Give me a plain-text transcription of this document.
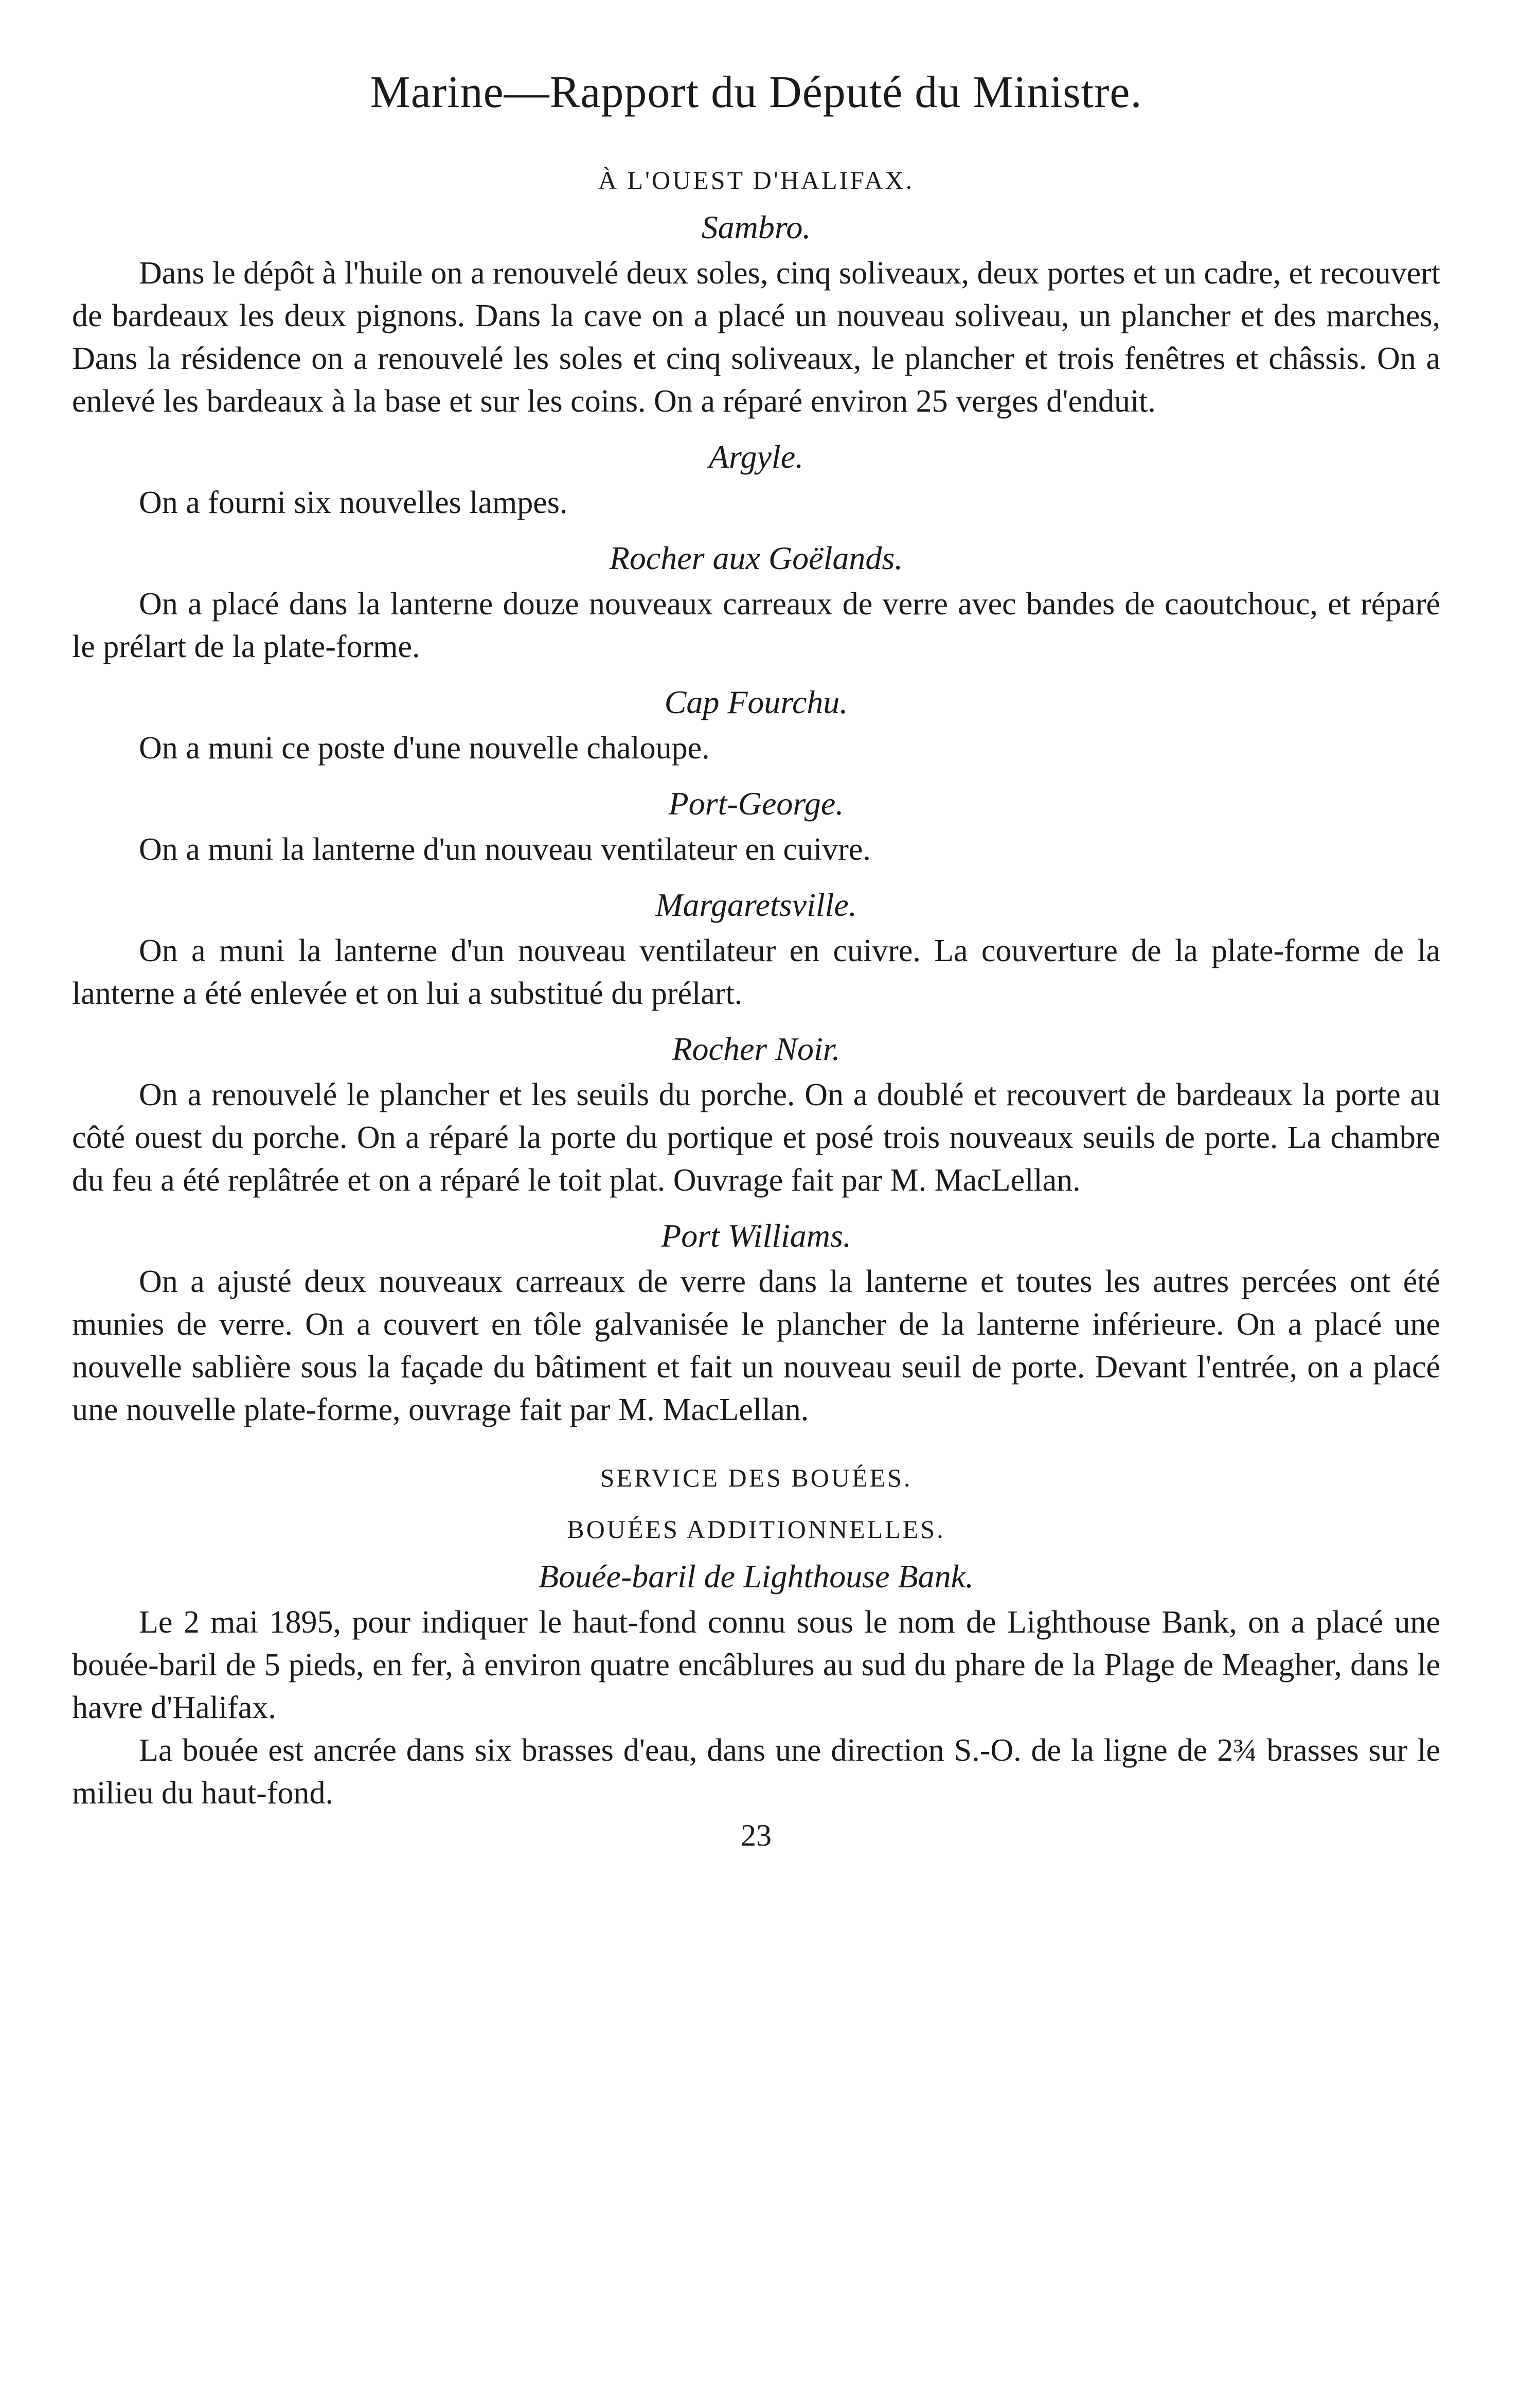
Marine—Rapport du Député du Ministre.
À L'OUEST D'HALIFAX.
Sambro.

Dans le dépôt à l'huile on a renouvelé deux soles, cinq soliveaux, deux portes et un cadre, et recouvert de bardeaux les deux pignons. Dans la cave on a placé un nouveau soliveau, un plancher et des marches, Dans la résidence on a renouvelé les soles et cinq soliveaux, le plancher et trois fenêtres et châssis. On a enlevé les bardeaux à la base et sur les coins. On a réparé environ 25 verges d'enduit.

Argyle.

On a fourni six nouvelles lampes.

Rocher aux Goëlands.

On a placé dans la lanterne douze nouveaux carreaux de verre avec bandes de caoutchouc, et réparé le prélart de la plate-forme.

Cap Fourchu.

On a muni ce poste d'une nouvelle chaloupe.

Port-George.

On a muni la lanterne d'un nouveau ventilateur en cuivre.

Margaretsville.

On a muni la lanterne d'un nouveau ventilateur en cuivre. La couverture de la plate-forme de la lanterne a été enlevée et on lui a substitué du prélart.

Rocher Noir.

On a renouvelé le plancher et les seuils du porche. On a doublé et recouvert de bardeaux la porte au côté ouest du porche. On a réparé la porte du portique et posé trois nouveaux seuils de porte. La chambre du feu a été replâtrée et on a réparé le toit plat. Ouvrage fait par M. MacLellan.

Port Williams.

On a ajusté deux nouveaux carreaux de verre dans la lanterne et toutes les autres percées ont été munies de verre. On a couvert en tôle galvanisée le plancher de la lanterne inférieure. On a placé une nouvelle sablière sous la façade du bâtiment et fait un nouveau seuil de porte. Devant l'entrée, on a placé une nouvelle plate-forme, ouvrage fait par M. MacLellan.

SERVICE DES BOUÉES.
BOUÉES ADDITIONNELLES.
Bouée-baril de Lighthouse Bank.

Le 2 mai 1895, pour indiquer le haut-fond connu sous le nom de Lighthouse Bank, on a placé une bouée-baril de 5 pieds, en fer, à environ quatre encâblures au sud du phare de la Plage de Meagher, dans le havre d'Halifax.

La bouée est ancrée dans six brasses d'eau, dans une direction S.-O. de la ligne de 2¾ brasses sur le milieu du haut-fond.

23
